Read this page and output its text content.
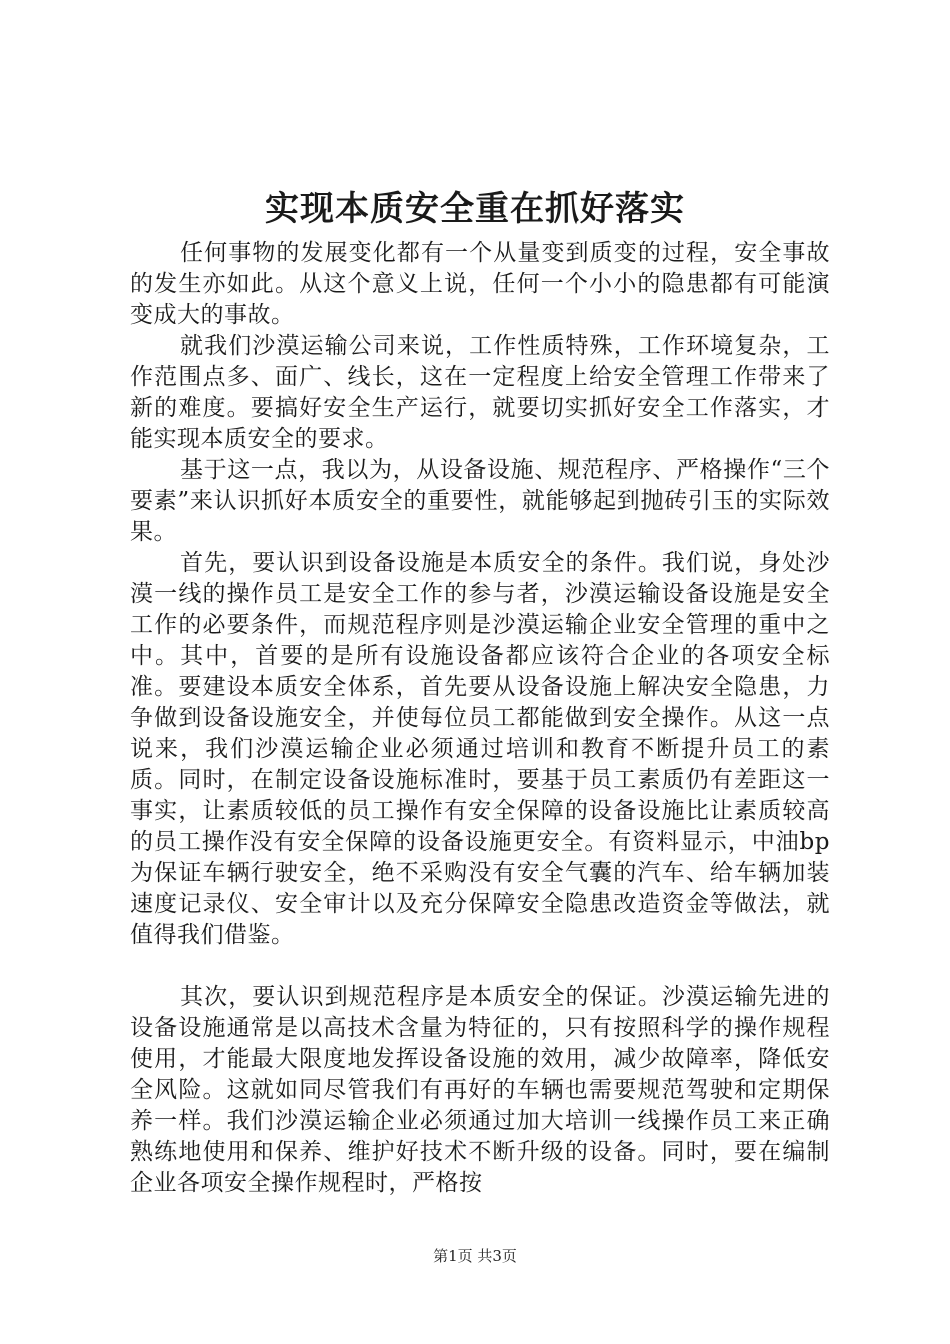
实现本质安全重在抓好落实

任何事物的发展变化都有一个从量变到质变的过程，安全事故的发生亦如此。从这个意义上说，任何一个小小的隐患都有可能演变成大的事故。

就我们沙漠运输公司来说，工作性质特殊，工作环境复杂，工作范围点多、面广、线长，这在一定程度上给安全管理工作带来了新的难度。要搞好安全生产运行，就要切实抓好安全工作落实，才能实现本质安全的要求。

基于这一点，我以为，从设备设施、规范程序、严格操作“三个要素”来认识抓好本质安全的重要性，就能够起到抛砖引玉的实际效果。

首先，要认识到设备设施是本质安全的条件。我们说，身处沙漠一线的操作员工是安全工作的参与者，沙漠运输设备设施是安全工作的必要条件，而规范程序则是沙漠运输企业安全管理的重中之中。其中，首要的是所有设施设备都应该符合企业的各项安全标准。要建设本质安全体系，首先要从设备设施上解决安全隐患，力争做到设备设施安全，并使每位员工都能做到安全操作。从这一点说来，我们沙漠运输企业必须通过培训和教育不断提升员工的素质。同时，在制定设备设施标准时，要基于员工素质仍有差距这一事实，让素质较低的员工操作有安全保障的设备设施比让素质较高的员工操作没有安全保障的设备设施更安全。有资料显示，中油bp为保证车辆行驶安全，绝不采购没有安全气囊的汽车、给车辆加装速度记录仪、安全审计以及充分保障安全隐患改造资金等做法，就值得我们借鉴。

其次，要认识到规范程序是本质安全的保证。沙漠运输先进的设备设施通常是以高技术含量为特征的，只有按照科学的操作规程使用，才能最大限度地发挥设备设施的效用，减少故障率，降低安全风险。这就如同尽管我们有再好的车辆也需要规范驾驶和定期保养一样。我们沙漠运输企业必须通过加大培训一线操作员工来正确熟练地使用和保养、维护好技术不断升级的设备。同时，要在编制企业各项安全操作规程时，严格按

第1页 共3页
